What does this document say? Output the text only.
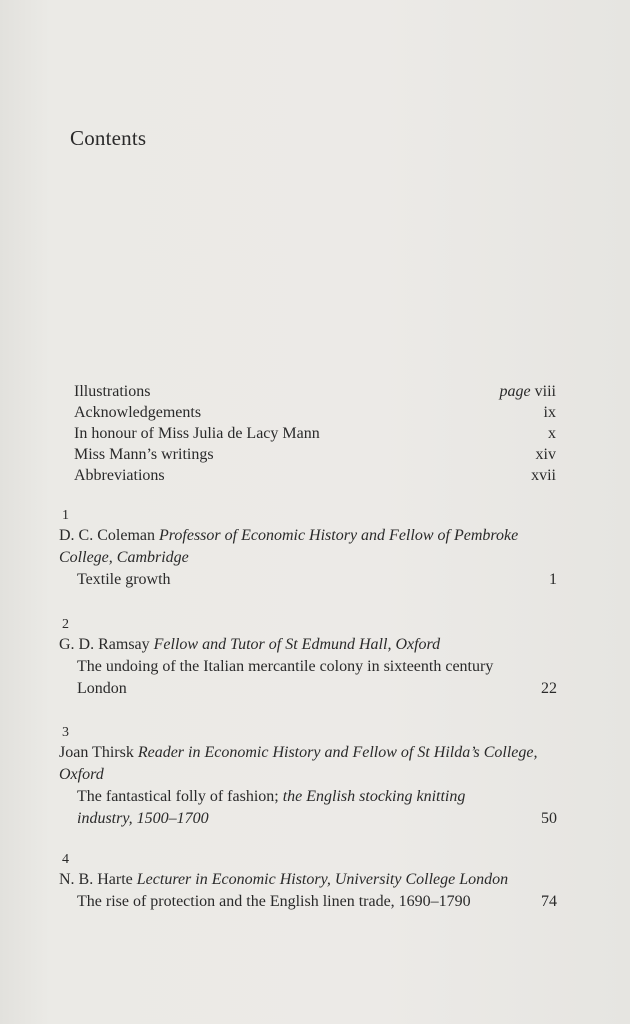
Contents
Illustrations	page viii
Acknowledgements	ix
In honour of Miss Julia de Lacy Mann	x
Miss Mann’s writings	xiv
Abbreviations	xvii
1
D. C. Coleman Professor of Economic History and Fellow of Pembroke College, Cambridge
Textile growth	1
2
G. D. Ramsay Fellow and Tutor of St Edmund Hall, Oxford
The undoing of the Italian mercantile colony in sixteenth century London	22
3
Joan Thirsk Reader in Economic History and Fellow of St Hilda’s College, Oxford
The fantastical folly of fashion; the English stocking knitting industry, 1500–1700	50
4
N. B. Harte Lecturer in Economic History, University College London
The rise of protection and the English linen trade, 1690–1790	74
